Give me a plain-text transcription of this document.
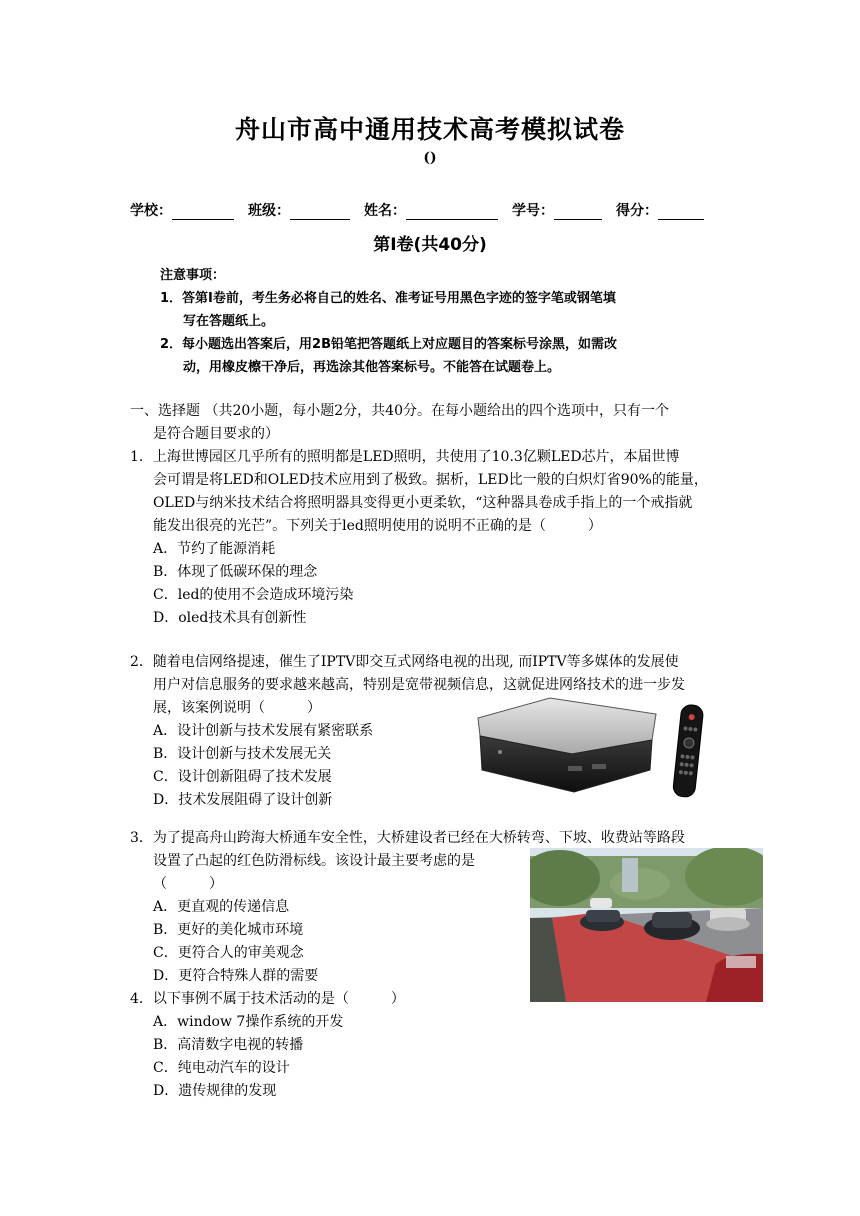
舟山市高中通用技术高考模拟试卷
()
学校：	班级：	姓名：	学号：	得分：
第Ⅰ卷(共40分)
注意事项：
1．答第Ⅰ卷前，考生务必将自己的姓名、准考证号用黑色字迹的签字笔或钢笔填
写在答题纸上。
2．每小题选出答案后，用2B铅笔把答题纸上对应题目的答案标号涂黑，如需改
动，用橡皮檫干净后，再选涂其他答案标号。不能答在试题卷上。
一、选择题 （共20小题，每小题2分，共40分。在每小题给出的四个选项中，只有一个
是符合题目要求的）
1．上海世博园区几乎所有的照明都是LED照明，共使用了10.3亿颗LED芯片，本届世博
会可谓是将LED和OLED技术应用到了极致。据析，LED比一般的白炽灯省90%的能量，
OLED与纳米技术结合将照明器具变得更小更柔软，“这种器具卷成手指上的一个戒指就
能发出很亮的光芒”。下列关于led照明使用的说明不正确的是（　　　）
A．节约了能源消耗
B．体现了低碳环保的理念
C．led的使用不会造成环境污染
D．oled技术具有创新性
2．随着电信网络提速，催生了IPTV即交互式网络电视的出现, 而IPTV等多媒体的发展使
用户对信息服务的要求越来越高，特别是宽带视频信息，这就促进网络技术的进一步发
展，该案例说明（　　　）
A．设计创新与技术发展有紧密联系
B．设计创新与技术发展无关
C．设计创新阻碍了技术发展
D．技术发展阻碍了设计创新
3．为了提高舟山跨海大桥通车安全性，大桥建设者已经在大桥转弯、下坡、收费站等路段
设置了凸起的红色防滑标线。该设计最主要考虑的是
（　　　）
A．更直观的传递信息
B．更好的美化城市环境
C．更符合人的审美观念
D．更符合特殊人群的需要
4．以下事例不属于技术活动的是（　　　）
A．window 7操作系统的开发
B．高清数字电视的转播
C．纯电动汽车的设计
D．遗传规律的发现
